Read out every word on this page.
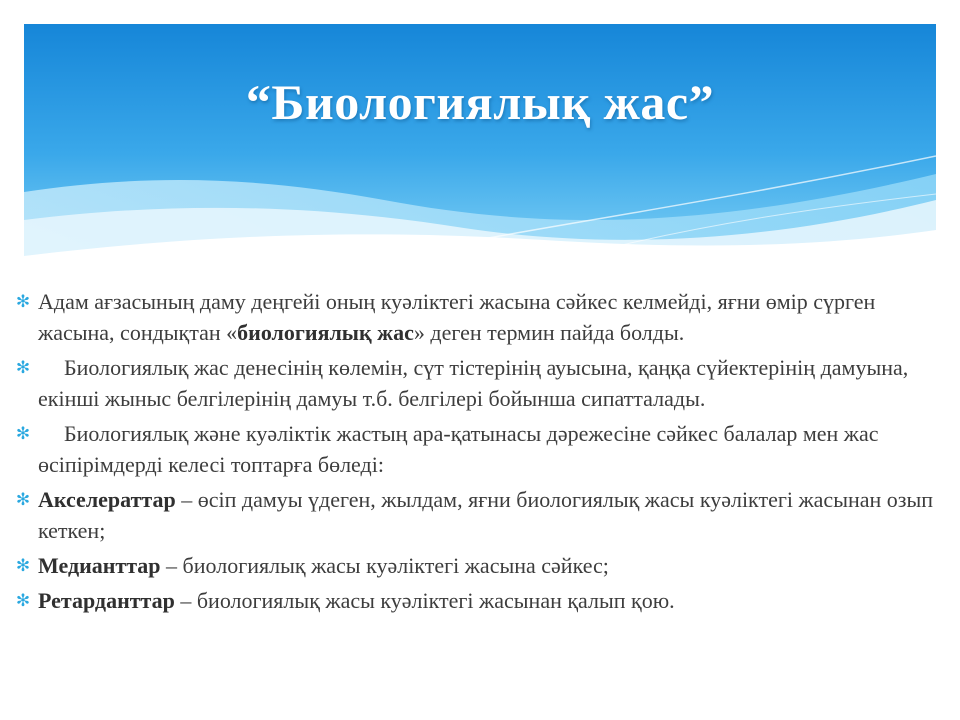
“Биологиялық жас”
✻ Адам ағзасының даму деңгейі оның куәліктегі жасына сәйкес келмейді, яғни өмір сүрген жасына, сондықтан «биологиялық жас» деген термин пайда болды.
✻ Биологиялық жас денесінің көлемін, сүт тістерінің ауысына, қаңқа сүйектерінің дамуына, екінші жыныс белгілерінің дамуы т.б. белгілері бойынша сипатталады.
✻ Биологиялық және куәліктік жастың ара-қатынасы дәрежесіне сәйкес балалар мен жас өсіпірімдерді келесі топтарға бөледі:
✻ Акселераттар – өсіп дамуы үдеген, жылдам, яғни биологиялық жасы куәліктегі жасынан озып кеткен;
✻ Медианттар – биологиялық жасы куәліктегі жасына сәйкес;
✻ Ретарданттар – биологиялық жасы куәліктегі жасынан қалып қою.
